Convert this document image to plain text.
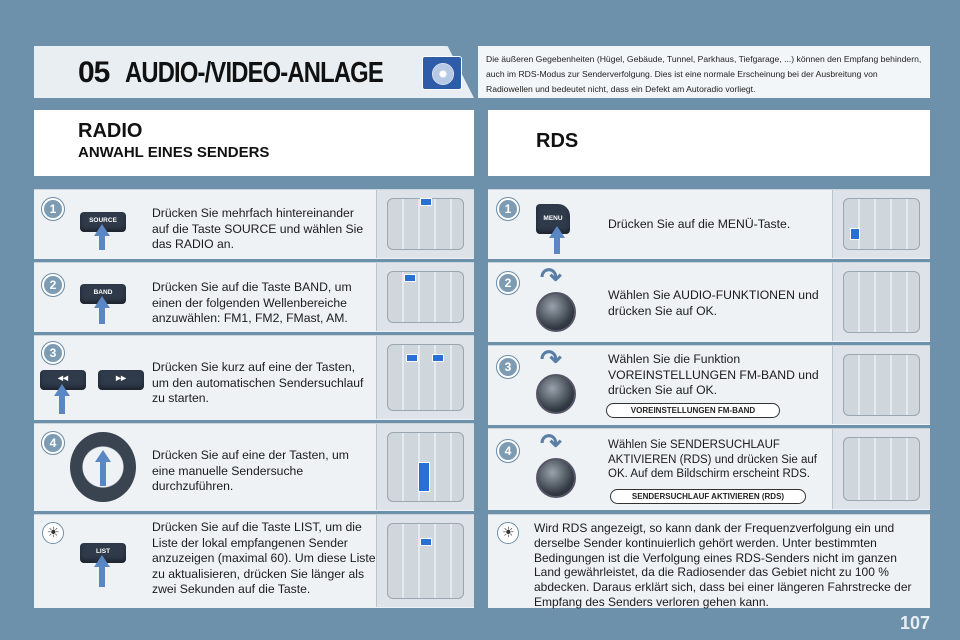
05 AUDIO-/VIDEO-ANLAGE	Die äußeren Gegebenheiten (Hügel, Gebäude, Tunnel, Parkhaus, Tiefgarage, ...) können den Empfang behindern, auch im RDS-Modus zur Senderverfolgung. Dies ist eine normale Erscheinung bei der Ausbreitung von Radiowellen und bedeutet nicht, dass ein Defekt am Autoradio vorliegt.
RADIO
ANWAHL EINES SENDERS
RDS
1
SOURCE
Drücken Sie mehrfach hintereinander auf die Taste SOURCE und wählen Sie das RADIO an.
2
BAND	Drücken Sie auf die Taste BAND, um einen der folgenden Wellenbereiche anzuwählen: FM1, FM2, FMast, AM.
3
◀◀	▶▶
Drücken Sie kurz auf eine der Tasten, um den automatischen Sendersuchlauf zu starten.
4
Drücken Sie auf eine der Tasten, um eine manuelle Sendersuche durchzuführen.
☀
LIST
Drücken Sie auf die Taste LIST, um die Liste der lokal empfangenen Sender anzuzeigen (maximal 60). Um diese Liste zu aktualisieren, drücken Sie länger als zwei Sekunden auf die Taste.
1
MENU	Drücken Sie auf die MENÜ-Taste.
2 ↷
Wählen Sie AUDIO-FUNKTIONEN und drücken Sie auf OK.
3 ↷	Wählen Sie die Funktion VOREINSTELLUNGEN FM-BAND und drücken Sie auf OK.
VOREINSTELLUNGEN FM-BAND
4 ↷	Wählen Sie SENDERSUCHLAUF AKTIVIEREN (RDS) und drücken Sie auf OK. Auf dem Bildschirm erscheint RDS.
SENDERSUCHLAUF AKTIVIEREN (RDS)
☀
Wird RDS angezeigt, so kann dank der Frequenzverfolgung ein und derselbe Sender kontinuierlich gehört werden. Unter bestimmten Bedingungen ist die Verfolgung eines RDS-Senders nicht im ganzen Land gewährleistet, da die Radiosender das Gebiet nicht zu 100 % abdecken. Daraus erklärt sich, dass bei einer längeren Fahrstrecke der Empfang des Senders verloren gehen kann.
107
